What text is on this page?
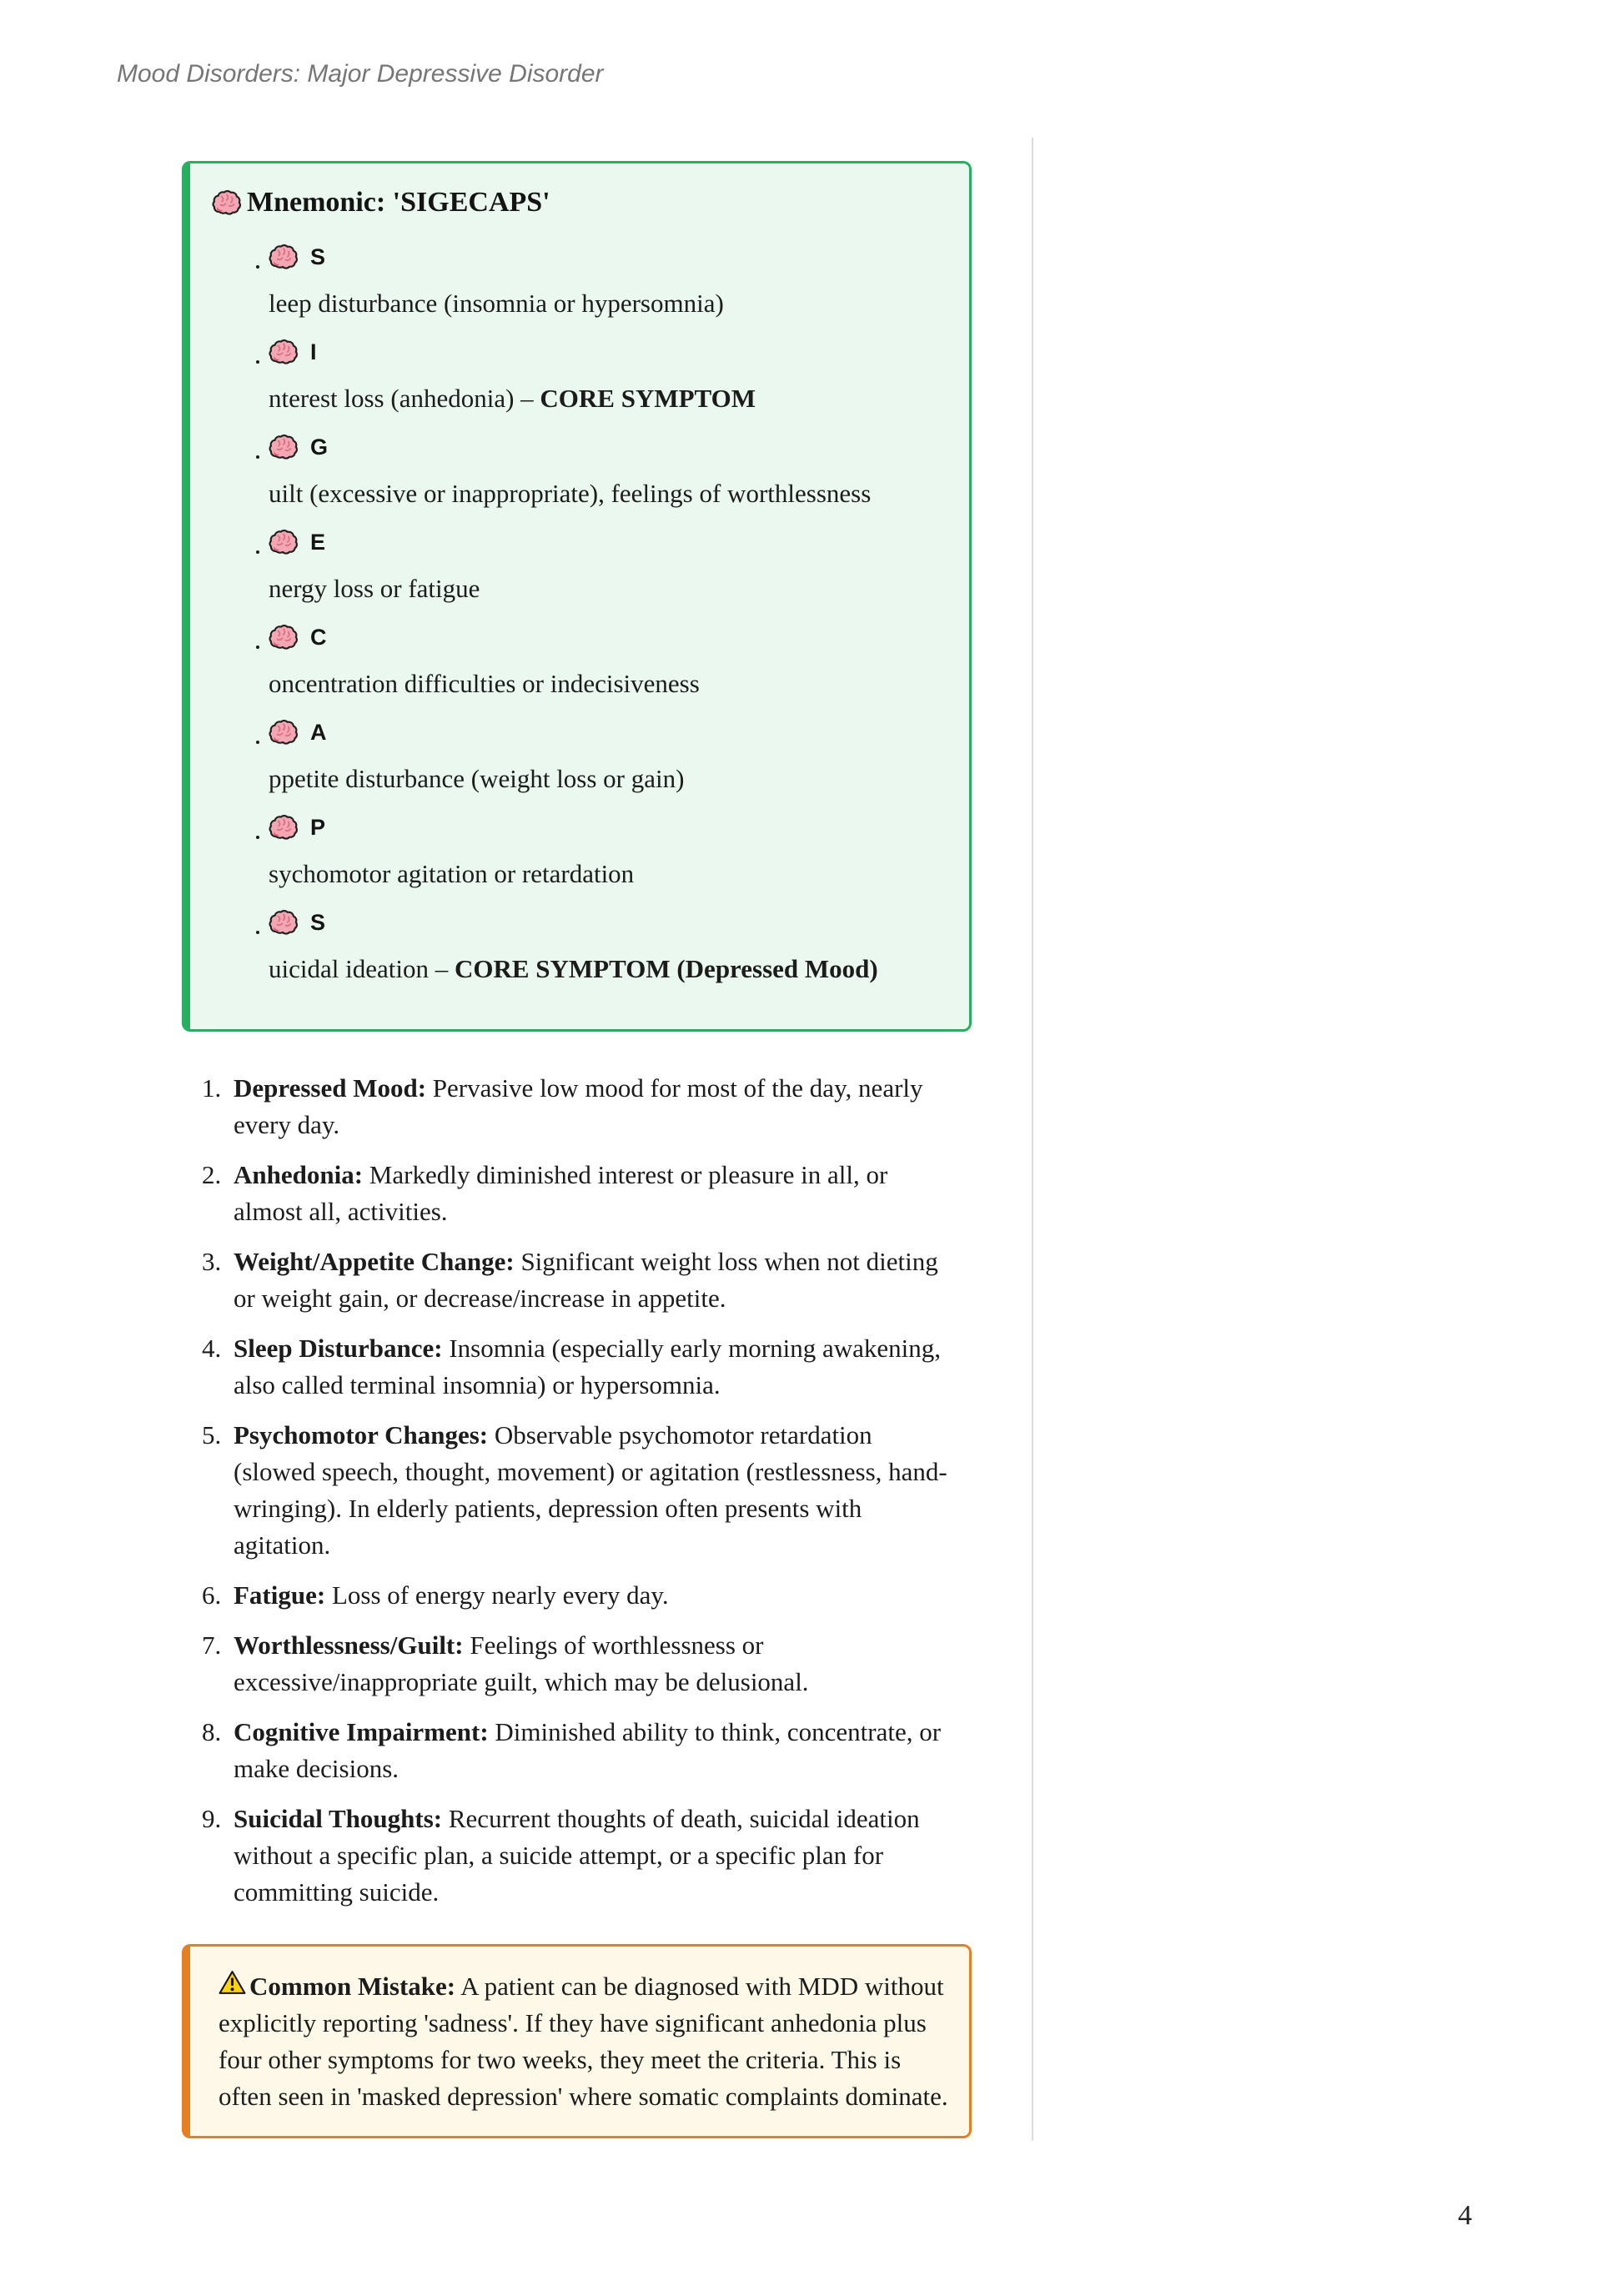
Mood Disorders: Major Depressive Disorder
Mnemonic: 'SIGECAPS'
• S
leep disturbance (insomnia or hypersomnia)
• I
nterest loss (anhedonia) – CORE SYMPTOM
• G
uilt (excessive or inappropriate), feelings of worthlessness
• E
nergy loss or fatigue
• C
oncentration difficulties or indecisiveness
• A
ppetite disturbance (weight loss or gain)
• P
sychomotor agitation or retardation
• S
uicidal ideation – CORE SYMPTOM (Depressed Mood)
1. Depressed Mood: Pervasive low mood for most of the day, nearly every day.
2. Anhedonia: Markedly diminished interest or pleasure in all, or almost all, activities.
3. Weight/Appetite Change: Significant weight loss when not dieting or weight gain, or decrease/increase in appetite.
4. Sleep Disturbance: Insomnia (especially early morning awakening, also called terminal insomnia) or hypersomnia.
5. Psychomotor Changes: Observable psychomotor retardation (slowed speech, thought, movement) or agitation (restlessness, hand-wringing). In elderly patients, depression often presents with agitation.
6. Fatigue: Loss of energy nearly every day.
7. Worthlessness/Guilt: Feelings of worthlessness or excessive/inappropriate guilt, which may be delusional.
8. Cognitive Impairment: Diminished ability to think, concentrate, or make decisions.
9. Suicidal Thoughts: Recurrent thoughts of death, suicidal ideation without a specific plan, a suicide attempt, or a specific plan for committing suicide.

Common Mistake: A patient can be diagnosed with MDD without explicitly reporting 'sadness'. If they have significant anhedonia plus four other symptoms for two weeks, they meet the criteria. This is often seen in 'masked depression' where somatic complaints dominate.

4
